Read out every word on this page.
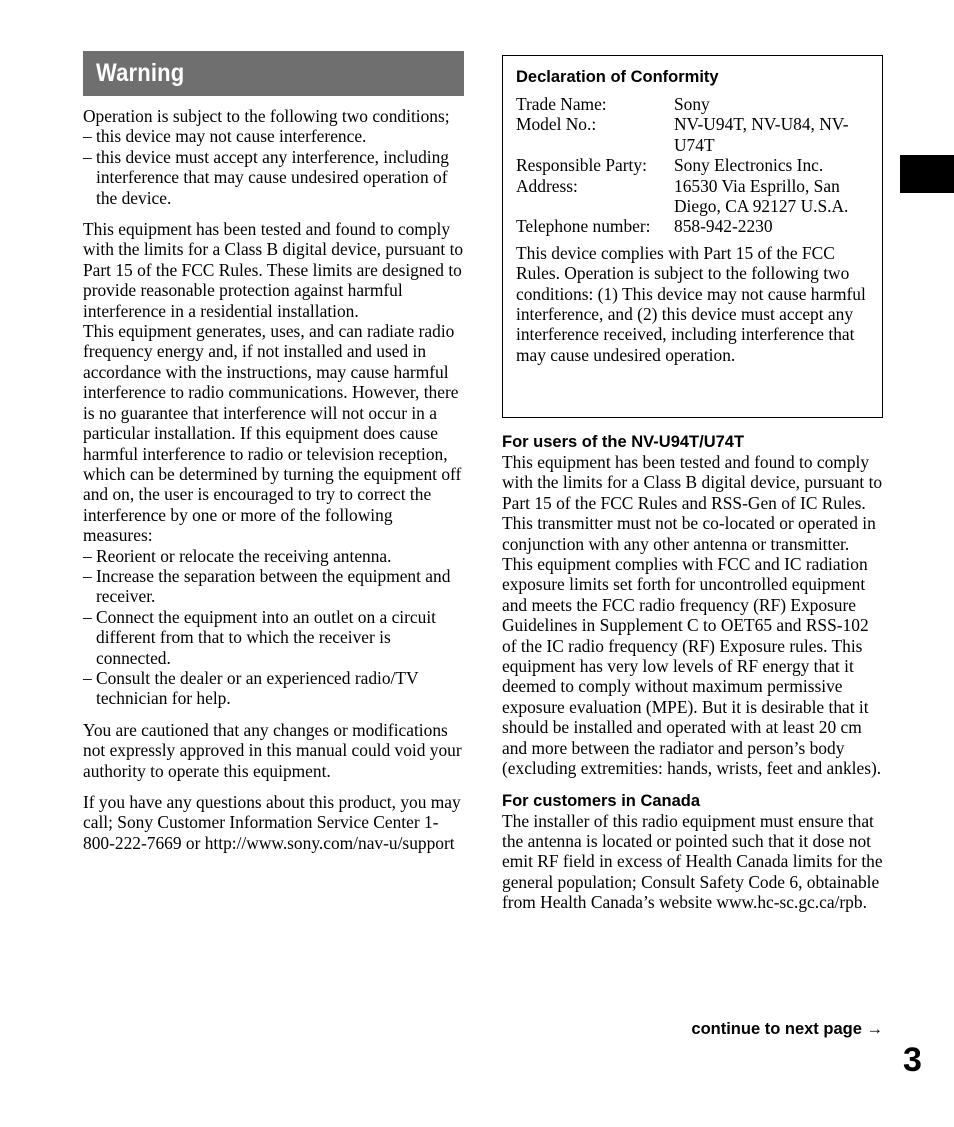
Warning

Operation is subject to the following two conditions;

– this device may not cause interference.
– this device must accept any interference, including interference that may cause undesired operation of the device.

This equipment has been tested and found to comply with the limits for a Class B digital device, pursuant to Part 15 of the FCC Rules. These limits are designed to provide reasonable protection against harmful interference in a residential installation.

This equipment generates, uses, and can radiate radio frequency energy and, if not installed and used in accordance with the instructions, may cause harmful interference to radio communications. However, there is no guarantee that interference will not occur in a particular installation. If this equipment does cause harmful interference to radio or television reception, which can be determined by turning the equipment off and on, the user is encouraged to try to correct the interference by one or more of the following measures:

– Reorient or relocate the receiving antenna.
– Increase the separation between the equipment and receiver.
– Connect the equipment into an outlet on a circuit different from that to which the receiver is connected.
– Consult the dealer or an experienced radio/TV technician for help.

You are cautioned that any changes or modifications not expressly approved in this manual could void your authority to operate this equipment.

If you have any questions about this product, you may call; Sony Customer Information Service Center 1-800-222-7669 or http://www.sony.com/nav-u/support

Declaration of Conformity
Trade Name:	Sony
Model No.:	NV-U94T, NV-U84, NV-U74T
Responsible Party:	Sony Electronics Inc.
Address:	16530 Via Esprillo, San Diego, CA 92127 U.S.A.
Telephone number:	858-942-2230

This device complies with Part 15 of the FCC Rules. Operation is subject to the following two conditions: (1) This device may not cause harmful interference, and (2) this device must accept any interference received, including interference that may cause undesired operation.

For users of the NV-U94T/U74T

This equipment has been tested and found to comply with the limits for a Class B digital device, pursuant to Part 15 of the FCC Rules and RSS-Gen of IC Rules.

This transmitter must not be co-located or operated in conjunction with any other antenna or transmitter. This equipment complies with FCC and IC radiation exposure limits set forth for uncontrolled equipment and meets the FCC radio frequency (RF) Exposure Guidelines in Supplement C to OET65 and RSS-102 of the IC radio frequency (RF) Exposure rules. This equipment has very low levels of RF energy that it deemed to comply without maximum permissive exposure evaluation (MPE). But it is desirable that it should be installed and operated with at least 20 cm and more between the radiator and person’s body (excluding extremities: hands, wrists, feet and ankles).

For customers in Canada

The installer of this radio equipment must ensure that the antenna is located or pointed such that it dose not emit RF field in excess of Health Canada limits for the general population; Consult Safety Code 6, obtainable from Health Canada’s website www.hc-sc.gc.ca/rpb.

continue to next page →
3
